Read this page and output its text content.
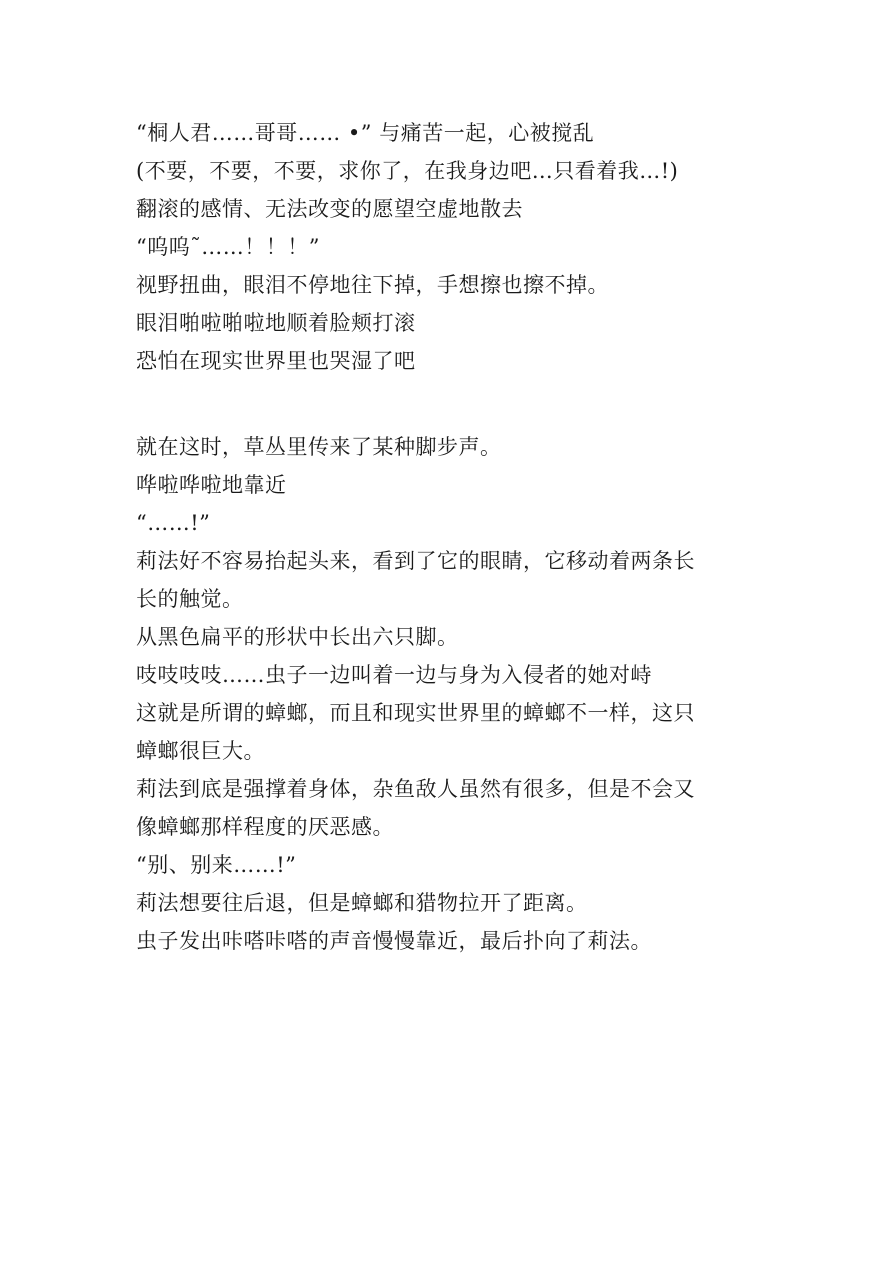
“桐人君……哥哥…… •” 与痛苦一起，心被搅乱
(不要，不要，不要，求你了，在我身边吧…只看着我…!)
翻滚的感情、无法改变的愿望空虚地散去
“呜呜˜……！！！”
视野扭曲，眼泪不停地往下掉，手想擦也擦不掉。
眼泪啪啦啪啦地顺着脸颊打滚
恐怕在现实世界里也哭湿了吧
就在这时，草丛里传来了某种脚步声。
哗啦哗啦地靠近
“……!”
莉法好不容易抬起头来，看到了它的眼睛，它移动着两条长
长的触觉。
从黑色扁平的形状中长出六只脚。
吱吱吱吱……虫子一边叫着一边与身为入侵者的她对峙
这就是所谓的蟑螂，而且和现实世界里的蟑螂不一样，这只
蟑螂很巨大。
莉法到底是强撑着身体，杂鱼敌人虽然有很多，但是不会又
像蟑螂那样程度的厌恶感。
“别、别来……!”
莉法想要往后退，但是蟑螂和猎物拉开了距离。
虫子发出咔嗒咔嗒的声音慢慢靠近，最后扑向了莉法。
